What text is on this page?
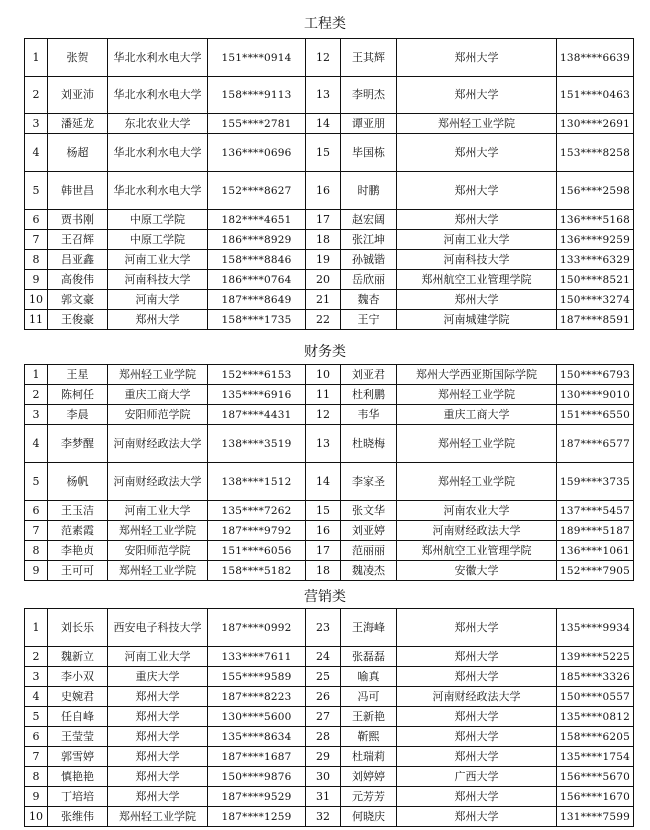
工程类
1	张贺	华北水利水电大学	151****0914	12	王其辉	郑州大学	138****6639
2	刘亚沛	华北水利水电大学	158****9113	13	李明杰	郑州大学	151****0463
3	潘延龙	东北农业大学	155****2781	14	谭亚朋	郑州轻工业学院	130****2691
4	杨超	华北水利水电大学	136****0696	15	毕国栋	郑州大学	153****8258
5	韩世昌	华北水利水电大学	152****8627	16	时鹏	郑州大学	156****2598
6	贾书刚	中原工学院	182****4651	17	赵宏阔	郑州大学	136****5168
7	王召辉	中原工学院	186****8929	18	张江坤	河南工业大学	136****9259
8	吕亚鑫	河南工业大学	158****8846	19	孙铖锴	河南科技大学	133****6329
9	高俊伟	河南科技大学	186****0764	20	岳欣丽	郑州航空工业管理学院	150****8521
10	郭文豪	河南大学	187****8649	21	魏杏	郑州大学	150****3274
11	王俊豪	郑州大学	158****1735	22	王宁	河南城建学院	187****8591
财务类
1	王星	郑州轻工业学院	152****6153	10	刘亚君	郑州大学西亚斯国际学院	150****6793
2	陈柯任	重庆工商大学	135****6916	11	杜利鹏	郑州轻工业学院	130****9010
3	李晨	安阳师范学院	187****4431	12	韦华	重庆工商大学	151****6550
4	李梦醒	河南财经政法大学	138****3519	13	杜晓梅	郑州轻工业学院	187****6577
5	杨帆	河南财经政法大学	138****1512	14	李家圣	郑州轻工业学院	159****3735
6	王玉洁	河南工业大学	135****7262	15	张文华	河南农业大学	137****5457
7	范素霞	郑州轻工业学院	187****9792	16	刘亚婷	河南财经政法大学	189****5187
8	李艳贞	安阳师范学院	151****6056	17	范丽丽	郑州航空工业管理学院	136****1061
9	王可可	郑州轻工业学院	158****5182	18	魏凌杰	安徽大学	152****7905
营销类
1	刘长乐	西安电子科技大学	187****0992	23	王海峰	郑州大学	135****9934
2	魏新立	河南工业大学	133****7611	24	张磊磊	郑州大学	139****5225
3	李小双	重庆大学	155****9589	25	喻真	郑州大学	185****3326
4	史婉君	郑州大学	187****8223	26	冯可	河南财经政法大学	150****0557
5	任自峰	郑州大学	130****5600	27	王新艳	郑州大学	135****0812
6	王莹莹	郑州大学	135****8634	28	靳熙	郑州大学	158****6205
7	郭雪婷	郑州大学	187****1687	29	杜瑞莉	郑州大学	135****1754
8	慎艳艳	郑州大学	150****9876	30	刘婷婷	广西大学	156****5670
9	丁培培	郑州大学	187****9529	31	元芳芳	郑州大学	156****1670
10	张维伟	郑州轻工业学院	187****1259	32	何晓庆	郑州大学	131****7599
